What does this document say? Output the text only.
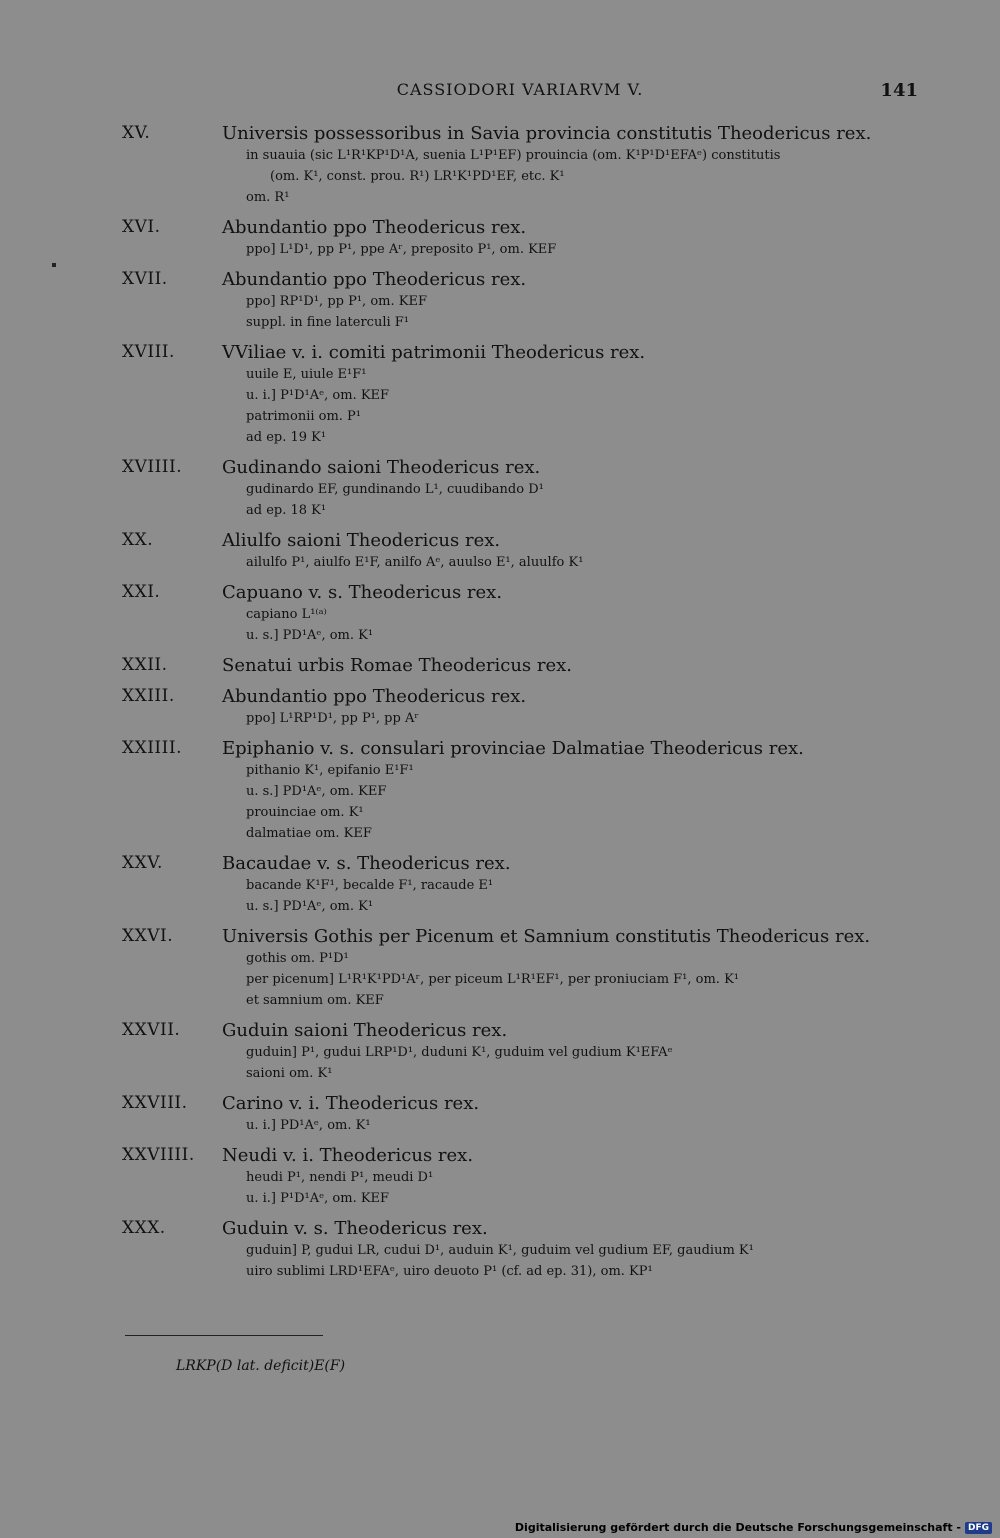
CASSIODORI VARIARVM V.	141
XV.	Universis possessoribus in Savia provincia constitutis Theodericus rex.
in suauia (sic L¹R¹KP¹D¹A, suenia L¹P¹EF) prouincia (om. K¹P¹D¹EFAᵉ) constitutis
(om. K¹, const. prou. R¹) LR¹K¹PD¹EF, etc. K¹
om. R¹
XVI.	Abundantio ppo Theodericus rex.
ppo] L¹D¹, pp P¹, ppe Aʳ, preposito P¹, om. KEF
XVII.	Abundantio ppo Theodericus rex.
ppo] RP¹D¹, pp P¹, om. KEF
suppl. in fine laterculi F¹
XVIII.	VViliae v. i. comiti patrimonii Theodericus rex.
uuile E, uiule E¹F¹
u. i.] P¹D¹Aᵉ, om. KEF
patrimonii om. P¹
ad ep. 19 K¹
XVIIII.	Gudinando saioni Theodericus rex.
gudinardo EF, gundinando L¹, cuudibando D¹
ad ep. 18 K¹
XX.	Aliulfo saioni Theodericus rex.
ailulfo P¹, aiulfo E¹F, anilfo Aᵉ, auulso E¹, aluulfo K¹
XXI.	Capuano v. s. Theodericus rex.
capiano L¹⁽ᵃ⁾
u. s.] PD¹Aᵉ, om. K¹
XXII.	Senatui urbis Romae Theodericus rex.
XXIII.	Abundantio ppo Theodericus rex.
ppo] L¹RP¹D¹, pp P¹, pp Aʳ
XXIIII.	Epiphanio v. s. consulari provinciae Dalmatiae Theodericus rex.
pithanio K¹, epifanio E¹F¹
u. s.] PD¹Aᵉ, om. KEF
prouinciae om. K¹
dalmatiae om. KEF
XXV.	Bacaudae v. s. Theodericus rex.
bacande K¹F¹, becalde F¹, racaude E¹
u. s.] PD¹Aᵉ, om. K¹
XXVI.	Universis Gothis per Picenum et Samnium constitutis Theodericus rex.
gothis om. P¹D¹
per picenum] L¹R¹K¹PD¹Aʳ, per piceum L¹R¹EF¹, per proniuciam F¹, om. K¹
et samnium om. KEF
XXVII.	Guduin saioni Theodericus rex.
guduin] P¹, gudui LRP¹D¹, duduni K¹, guduim vel gudium K¹EFAᵉ
saioni om. K¹
XXVIII.	Carino v. i. Theodericus rex.
u. i.] PD¹Aᵉ, om. K¹
XXVIIII.	Neudi v. i. Theodericus rex.
heudi P¹, nendi P¹, meudi D¹
u. i.] P¹D¹Aᵉ, om. KEF
XXX.	Guduin v. s. Theodericus rex.
guduin] P, gudui LR, cudui D¹, auduin K¹, guduim vel gudium EF, gaudium K¹
uiro sublimi LRD¹EFAᵉ, uiro deuoto P¹ (cf. ad ep. 31), om. KP¹
LRKP(D lat. deficit)E(F)
Digitalisierung gefördert durch die Deutsche Forschungsgemeinschaft - DFG
